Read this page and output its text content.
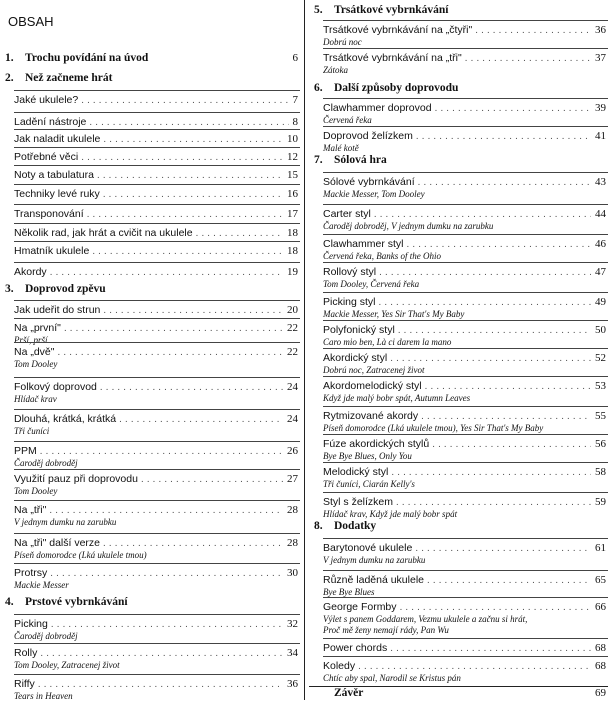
OBSAH
1. Trochu povídání na úvod	6
2. Než začneme hrát
Jaké ukulele? . . .	7
Ladění nástroje . . .	8
Jak naladit ukulele . . .	10
Potřebné věci . . .	12
Noty a tabulatura . . .	15
Techniky levé ruky . . .	16
Transponování . . .	17
Několik rad, jak hrát a cvičit na ukulele . . .	18
Hmatník ukulele . . .	18
Akordy . . .	19
3. Doprovod zpěvu
Jak udeřit do strun . . .	20
Na „první" . . .	22
Prší, prší
Na „dvě" . . .	22
Tom Dooley
Folkový doprovod . . .	24
Hlídač krav
Dlouhá, krátká, krátká . . .	24
Tři čuníci
PPM . . .	26
Čaroděj dobroděj
Využití pauz při doprovodu . . .	27
Tom Dooley
Na „tři" . . .	28
V jednym dumku na zarubku
Na „tři" další verze . . .	28
Píseň domorodce (Lká ukulele tmou)
Protrsy . . .	30
Mackie Messer
4. Prstové vybrnkávání
Picking . . .	32
Čaroděj dobroděj
Rolly . . .	34
Tom Dooley, Zatracenej život
Riffy . . .	36
Tears in Heaven
5. Trsátkové vybrnkávání
Trsátkové vybrnkávání na „čtyři" . . .	36
Dobrú noc
Trsátkové vybrnkávání na „tři" . . .	37
Zátoka
6. Další způsoby doprovodu
Clawhammer doprovod . . .	39
Červená řeka
Doprovod želízkem . . .	41
Malé kotě
7. Sólová hra
Sólové vybrnkávání . . .	43
Mackie Messer, Tom Dooley
Carter styl . . .	44
Čaroděj dobroděj, V jednym dumku na zarubku
Clawhammer styl . . .	46
Červená řeka, Banks of the Ohio
Rollový styl . . .	47
Tom Dooley, Červená řeka
Picking styl . . .	49
Mackie Messer, Yes Sir That's My Baby
Polyfonický styl . . .	50
Caro mio ben, Là ci darem la mano
Akordický styl . . .	52
Dobrú noc, Zatracenej život
Akordomelodický styl . . .	53
Když jde malý bobr spát, Autumn Leaves
Rytmizované akordy . . .	55
Píseň domorodce (Lká ukulele tmou), Yes Sir That's My Baby
Fúze akordických stylů . . .	56
Bye Bye Blues, Only You
Melodický styl . . .	58
Tři čuníci, Ciarán Kelly's
Styl s želízkem . . .	59
Hlídač krav, Když jde malý bobr spát
8. Dodatky
Barytonové ukulele . . .	61
V jednym dumku na zarubku
Různě laděná ukulele . . .	65
Bye Bye Blues
George Formby . . .	66
Výlet s panem Goddarem, Vezmu ukulele a začnu si hrát,
Proč mě ženy nemají rády, Pan Wu
Power chords . . .	68
Koledy . . .	68
Chtíc aby spal, Narodil se Kristus pán
Závěr	69
